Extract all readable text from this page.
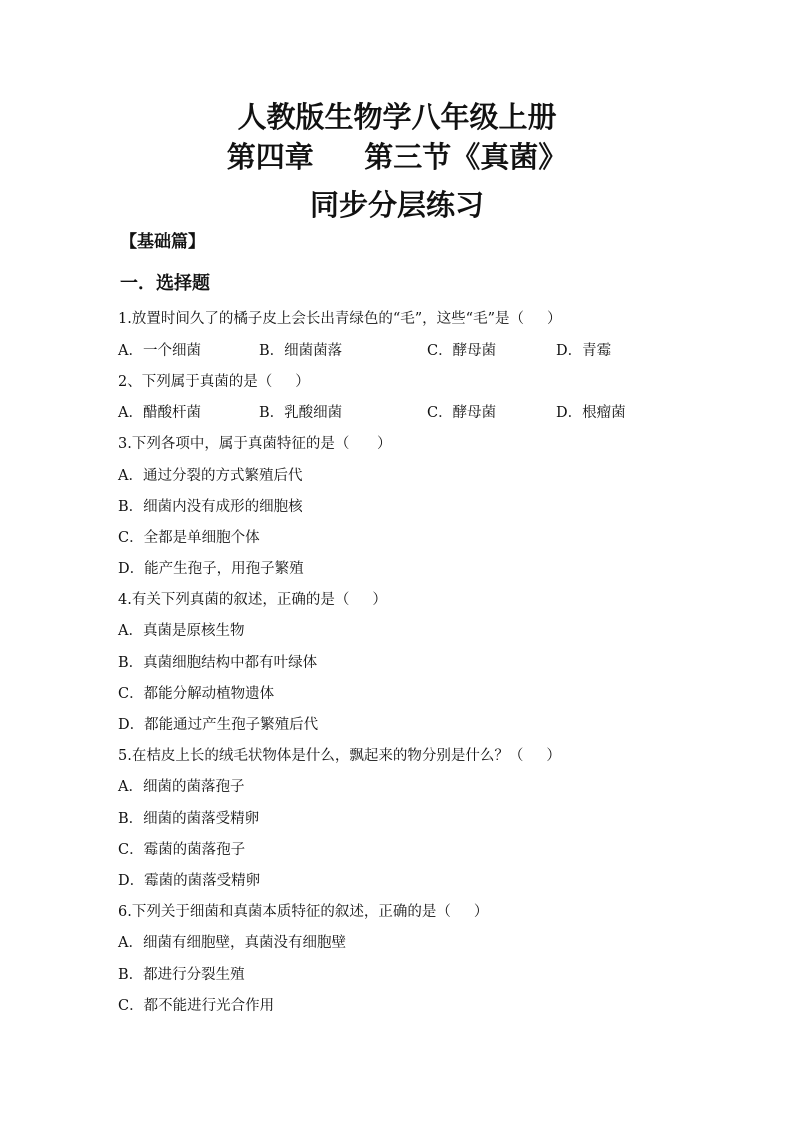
人教版生物学八年级上册
第四章     第三节《真菌》
同步分层练习
【基础篇】
一．选择题
1.放置时间久了的橘子皮上会长出青绿色的“毛”，这些“毛”是（     ）
A．一个细菌	B．细菌菌落	C．酵母菌	D．青霉
2、下列属于真菌的是（     ）
A．醋酸杆菌	B．乳酸细菌	C．酵母菌	D．根瘤菌
3.下列各项中，属于真菌特征的是（      ）
A．通过分裂的方式繁殖后代
B．细菌内没有成形的细胞核
C．全都是单细胞个体
D．能产生孢子，用孢子繁殖
4.有关下列真菌的叙述，正确的是（     ）
A．真菌是原核生物
B．真菌细胞结构中都有叶绿体
C．都能分解动植物遗体
D．都能通过产生孢子繁殖后代
5.在桔皮上长的绒毛状物体是什么，飘起来的物分别是什么？（     ）
A．细菌的菌落孢子
B．细菌的菌落受精卵
C．霉菌的菌落孢子
D．霉菌的菌落受精卵
6.下列关于细菌和真菌本质特征的叙述，正确的是（     ）
A．细菌有细胞壁，真菌没有细胞壁
B．都进行分裂生殖
C．都不能进行光合作用
